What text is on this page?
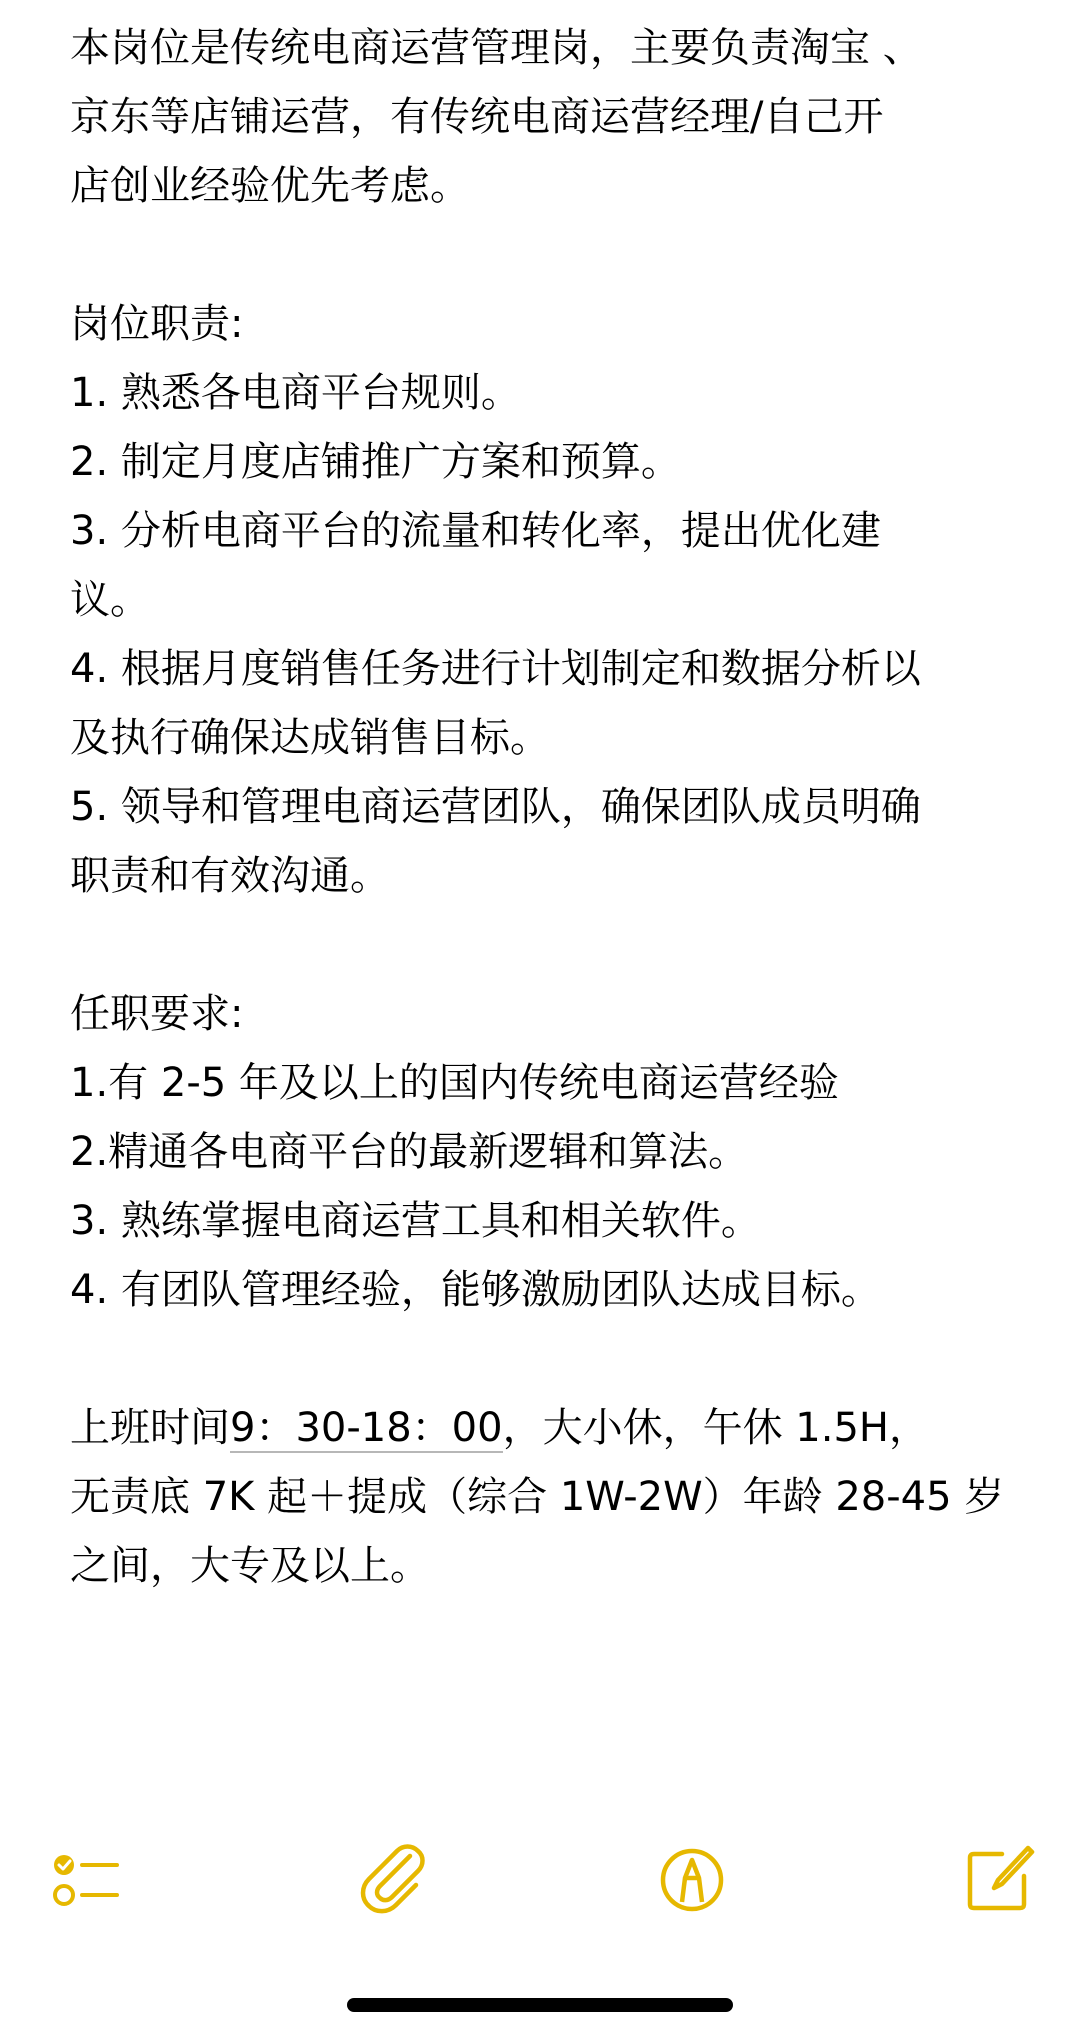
本岗位是传统电商运营管理岗，主要负责淘宝 、
京东等店铺运营，有传统电商运营经理/自己开
店创业经验优先考虑。
岗位职责:
1. 熟悉各电商平台规则。
2. 制定月度店铺推广方案和预算。
3. 分析电商平台的流量和转化率，提出优化建
议。
4. 根据月度销售任务进行计划制定和数据分析以
及执行确保达成销售目标。
5. 领导和管理电商运营团队，确保团队成员明确
职责和有效沟通。
任职要求:
1.有 2-5 年及以上的国内传统电商运营经验
2.精通各电商平台的最新逻辑和算法。
3. 熟练掌握电商运营工具和相关软件。
4. 有团队管理经验，能够激励团队达成目标。
上班时间9：30-18：00，大小休，午休 1.5H，
无责底 7K 起＋提成（综合 1W-2W）年龄 28-45 岁
之间，大专及以上。
